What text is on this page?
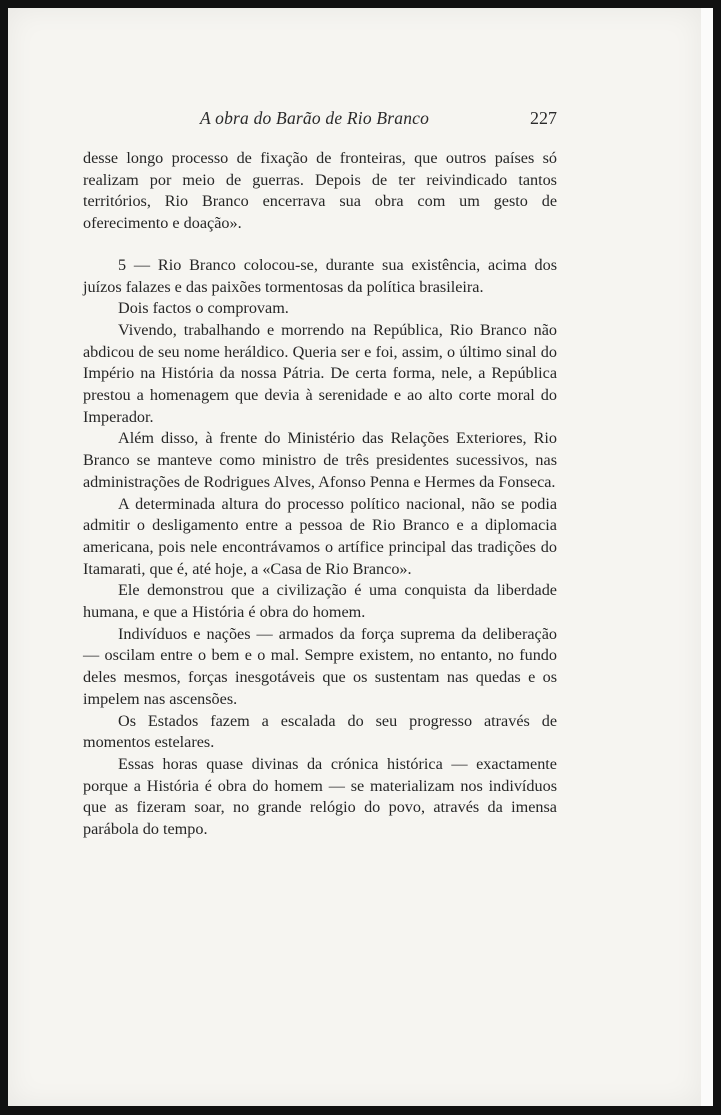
A obra do Barão de Rio Branco	227

desse longo processo de fixação de fronteiras, que outros países só realizam por meio de guerras. Depois de ter reivindicado tantos territórios, Rio Branco encerrava sua obra com um gesto de oferecimento e doação».

5 — Rio Branco colocou-se, durante sua existência, acima dos juízos falazes e das paixões tormentosas da política brasileira.

Dois factos o comprovam.

Vivendo, trabalhando e morrendo na República, Rio Branco não abdicou de seu nome heráldico. Queria ser e foi, assim, o último sinal do Império na História da nossa Pátria. De certa forma, nele, a República prestou a homenagem que devia à serenidade e ao alto corte moral do Imperador.

Além disso, à frente do Ministério das Relações Exteriores, Rio Branco se manteve como ministro de três presidentes sucessivos, nas administrações de Rodrigues Alves, Afonso Penna e Hermes da Fonseca.

A determinada altura do processo político nacional, não se podia admitir o desligamento entre a pessoa de Rio Branco e a diplomacia americana, pois nele encontrávamos o artífice principal das tradições do Itamarati, que é, até hoje, a «Casa de Rio Branco».

Ele demonstrou que a civilização é uma conquista da liberdade humana, e que a História é obra do homem.

Indivíduos e nações — armados da força suprema da deliberação — oscilam entre o bem e o mal. Sempre existem, no entanto, no fundo deles mesmos, forças inesgotáveis que os sustentam nas quedas e os impelem nas ascensões.

Os Estados fazem a escalada do seu progresso através de momentos estelares.

Essas horas quase divinas da crónica histórica — exactamente porque a História é obra do homem — se materializam nos indivíduos que as fizeram soar, no grande relógio do povo, através da imensa parábola do tempo.
